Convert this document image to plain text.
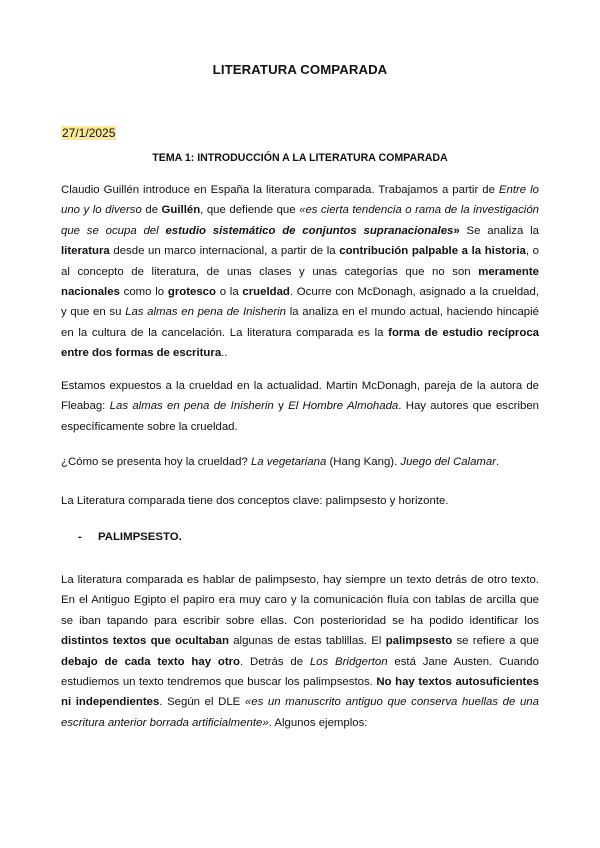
LITERATURA COMPARADA
27/1/2025
TEMA 1: INTRODUCCIÓN A LA LITERATURA COMPARADA

Claudio Guillén introduce en España la literatura comparada. Trabajamos a partir de Entre lo uno y lo diverso de Guillén, que defiende que «es cierta tendencia o rama de la investigación que se ocupa del estudio sistemático de conjuntos supranacionales» Se analiza la literatura desde un marco internacional, a partir de la contribución palpable a la historia, o al concepto de literatura, de unas clases y unas categorías que no son meramente nacionales como lo grotesco o la crueldad. Ocurre con McDonagh, asignado a la crueldad, y que en su Las almas en pena de Inisherin la analiza en el mundo actual, haciendo hincapié en la cultura de la cancelación. La literatura comparada es la forma de estudio recíproca entre dos formas de escritura..

Estamos expuestos a la crueldad en la actualidad. Martin McDonagh, pareja de la autora de Fleabag: Las almas en pena de Inisherin y El Hombre Almohada. Hay autores que escriben específicamente sobre la crueldad.

¿Cómo se presenta hoy la crueldad? La vegetariana (Hang Kang). Juego del Calamar.

La Literatura comparada tiene dos conceptos clave: palimpsesto y horizonte.

- PALIMPSESTO.

La literatura comparada es hablar de palimpsesto, hay siempre un texto detrás de otro texto. En el Antiguo Egipto el papiro era muy caro y la comunicación fluía con tablas de arcilla que se iban tapando para escribir sobre ellas. Con posterioridad se ha podido identificar los distintos textos que ocultaban algunas de estas tablillas. El palimpsesto se refiere a que debajo de cada texto hay otro. Detrás de Los Bridgerton está Jane Austen. Cuando estudiemos un texto tendremos que buscar los palimpsestos. No hay textos autosuficientes ni independientes. Según el DLE «es un manuscrito antiguo que conserva huellas de una escritura anterior borrada artificialmente». Algunos ejemplos:
